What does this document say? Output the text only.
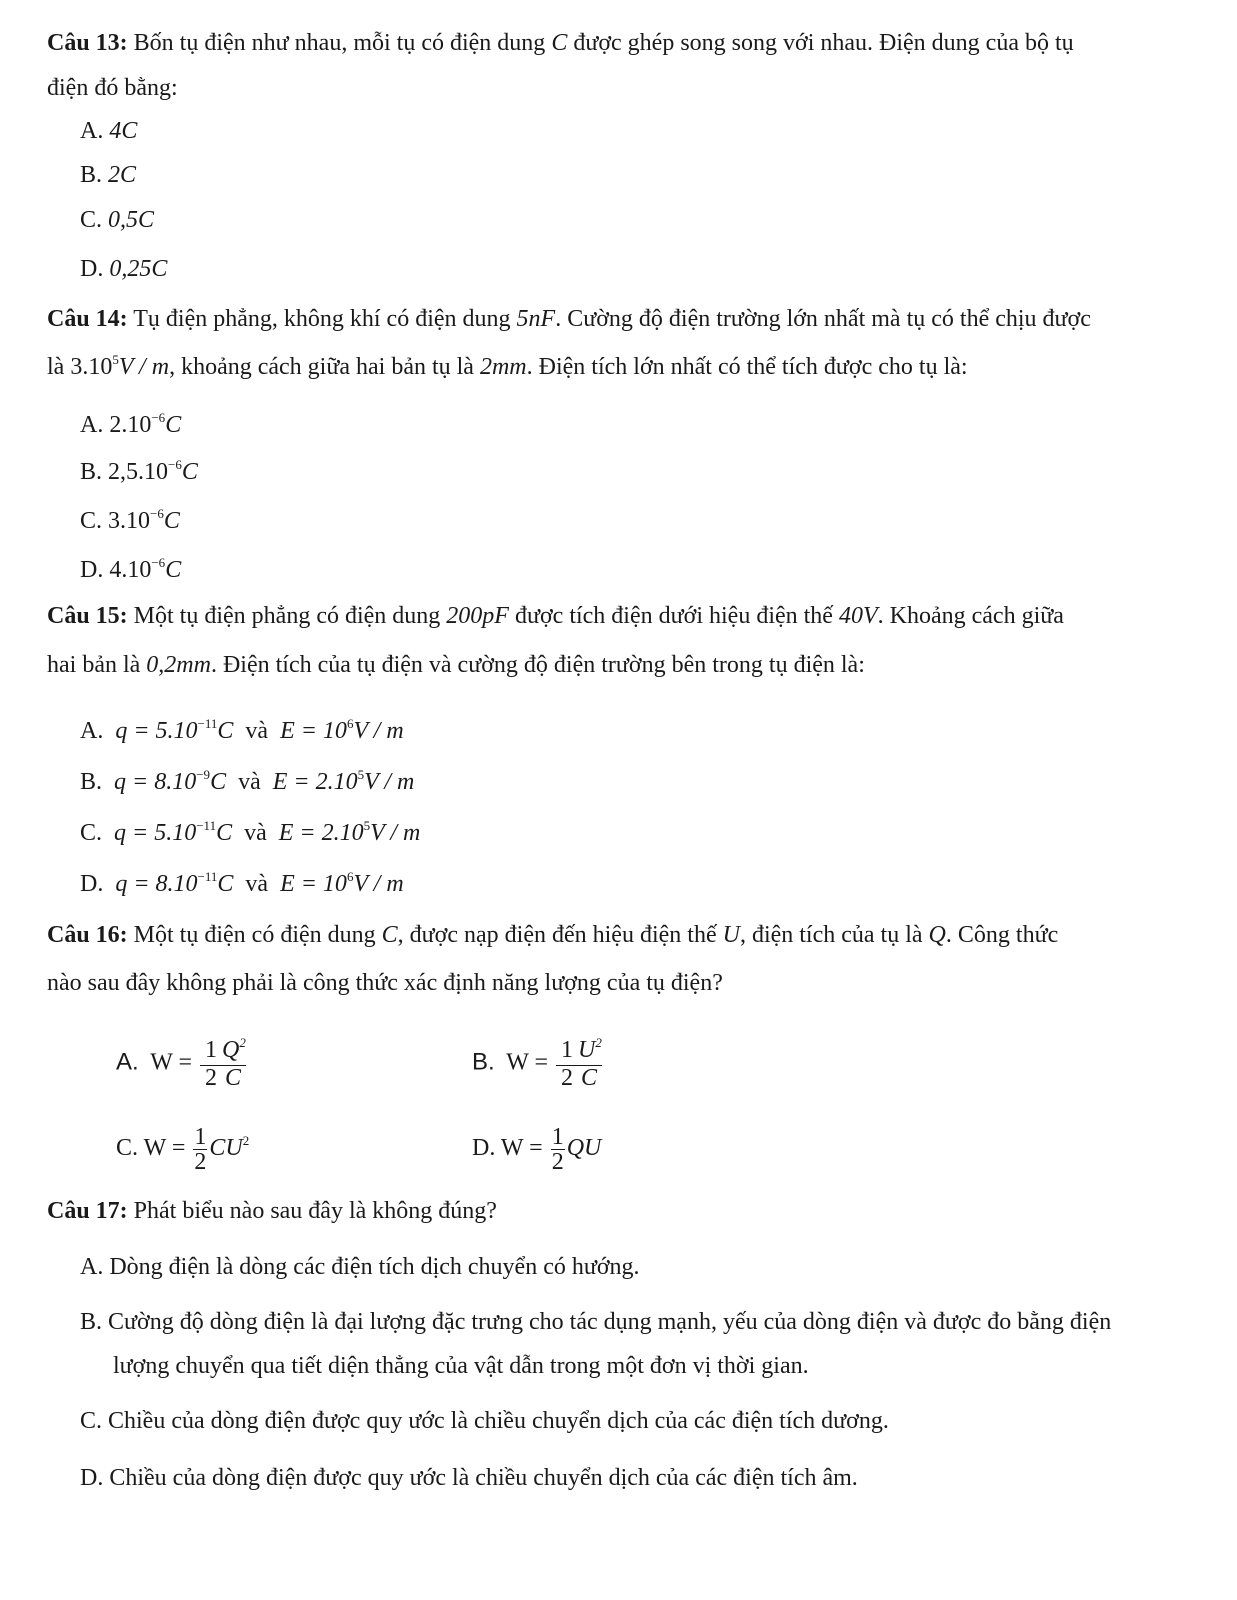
Câu 13: Bốn tụ điện như nhau, mỗi tụ có điện dung C được ghép song song với nhau. Điện dung của bộ tụ
điện đó bằng:
A. 4C
B. 2C
C. 0,5C
D. 0,25C
Câu 14: Tụ điện phẳng, không khí có điện dung 5nF. Cường độ điện trường lớn nhất mà tụ có thể chịu được
là 3.10$^5$V / m, khoảng cách giữa hai bản tụ là 2mm. Điện tích lớn nhất có thể tích được cho tụ là:
A. $2.10^{-6}C$
B. $2,5.10^{-6}C$
C. $3.10^{-6}C$
D. $4.10^{-6}C$
Câu 15: Một tụ điện phẳng có điện dung 200pF được tích điện dưới hiệu điện thế 40V. Khoảng cách giữa
hai bản là 0,2mm. Điện tích của tụ điện và cường độ điện trường bên trong tụ điện là:
A. $q = 5.10^{-11}C$ và $E = 10^6V / m$
B. $q = 8.10^{-9}C$ và $E = 2.10^5V / m$
C. $q = 5.10^{-11}C$ và $E = 2.10^5V / m$
D. $q = 8.10^{-11}C$ và $E = 10^6V / m$
Câu 16: Một tụ điện có điện dung C, được nạp điện đến hiệu điện thế U, điện tích của tụ là Q. Công thức
nào sau đây không phải là công thức xác định năng lượng của tụ điện?
A. $W = \frac{1 Q^2}{2 C}$	B. $W = \frac{1 U^2}{2 C}$
C. $W = \frac{1}{2} CU^2$	D. $W = \frac{1}{2}$ QU
Câu 17: Phát biểu nào sau đây là không đúng?
A. Dòng điện là dòng các điện tích dịch chuyển có hướng.
B. Cường độ dòng điện là đại lượng đặc trưng cho tác dụng mạnh, yếu của dòng điện và được đo bằng điện
lượng chuyển qua tiết diện thẳng của vật dẫn trong một đơn vị thời gian.
C. Chiều của dòng điện được quy ước là chiều chuyển dịch của các điện tích dương.
D. Chiều của dòng điện được quy ước là chiều chuyển dịch của các điện tích âm.
